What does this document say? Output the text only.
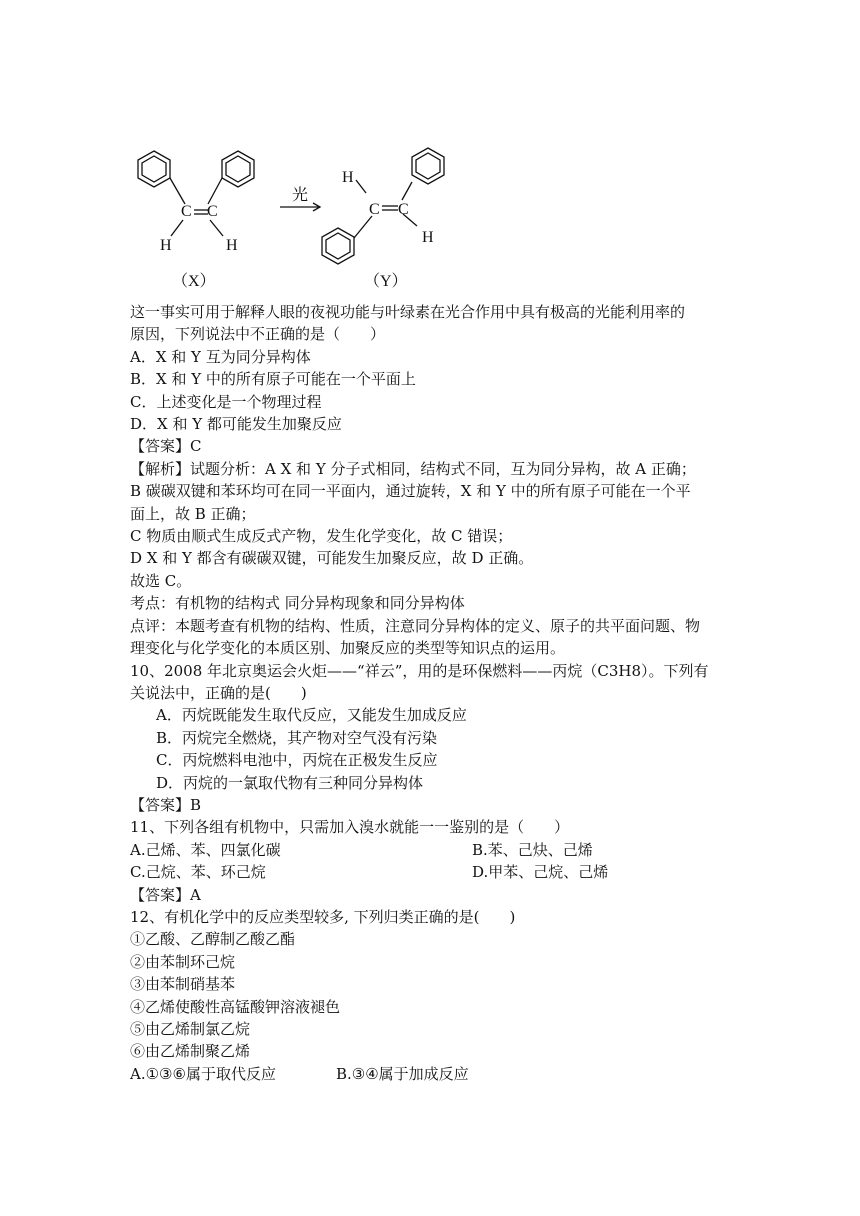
C C
H	H
光
C C
H
H
（X）	（Y）
这一事实可用于解释人眼的夜视功能与叶绿素在光合作用中具有极高的光能利用率的
原因，下列说法中不正确的是（　　）
A．X 和 Y 互为同分异构体
B．X 和 Y 中的所有原子可能在一个平面上
C．上述变化是一个物理过程
D．X 和 Y 都可能发生加聚反应
【答案】C
【解析】试题分析：A X 和 Y 分子式相同，结构式不同，互为同分异构，故 A 正确；
B 碳碳双键和苯环均可在同一平面内，通过旋转，X 和 Y 中的所有原子可能在一个平
面上，故 B 正确；
C 物质由顺式生成反式产物，发生化学变化，故 C 错误；
D X 和 Y 都含有碳碳双键，可能发生加聚反应，故 D 正确。
故选 C。
考点：有机物的结构式 同分异构现象和同分异构体
点评：本题考查有机物的结构、性质，注意同分异构体的定义、原子的共平面问题、物
理变化与化学变化的本质区别、加聚反应的类型等知识点的运用。
10、2008 年北京奥运会火炬——“祥云”，用的是环保燃料——丙烷（C3H8）。下列有
关说法中，正确的是(　　)
A．丙烷既能发生取代反应，又能发生加成反应
B．丙烷完全燃烧，其产物对空气没有污染
C．丙烷燃料电池中，丙烷在正极发生反应
D．丙烷的一氯取代物有三种同分异构体
【答案】B
11、下列各组有机物中，只需加入溴水就能一一鉴别的是（　　）
A.己烯、苯、四氯化碳	B.苯、己炔、己烯
C.己烷、苯、环己烷	D.甲苯、己烷、己烯
【答案】A
12、有机化学中的反应类型较多, 下列归类正确的是(　　)
①乙酸、乙醇制乙酸乙酯
②由苯制环己烷
③由苯制硝基苯
④乙烯使酸性高锰酸钾溶液褪色
⑤由乙烯制氯乙烷
⑥由乙烯制聚乙烯
A.①③⑥属于取代反应	B.③④属于加成反应
